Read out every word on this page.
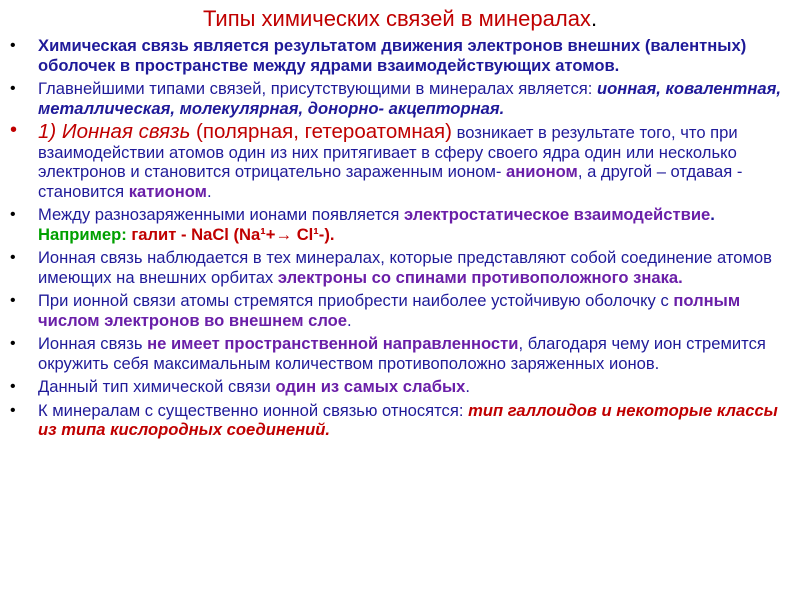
Типы химических связей в минералах.
• Химическая связь является результатом движения электронов внешних (валентных) оболочек в пространстве между ядрами взаимодействующих атомов.
• Главнейшими типами связей, присутствующими в минералах является: ионная, ковалентная, металлическая, молекулярная, донорно- акцепторная.
• 1) Ионная связь (полярная, гетероатомная) возникает в результате того, что при взаимодействии атомов один из них притягивает в сферу своего ядра один или несколько электронов и становится отрицательно зараженным ионом- анионом, а другой – отдавая - становится катионом.
• Между разнозаряженными ионами появляется электростатическое взаимодействие. Например: галит - NaCl (Na¹+→ Cl¹-).
• Ионная связь наблюдается в тех минералах, которые представляют собой соединение атомов имеющих на внешних орбитах электроны со спинами противоположного знака.
• При ионной связи атомы стремятся приобрести наиболее устойчивую оболочку с полным числом электронов во внешнем слое.
• Ионная связь не имеет пространственной направленности, благодаря чему ион стремится окружить себя максимальным количеством противоположно заряженных ионов.
• Данный тип химической связи один из самых слабых.
• К минералам с существенно ионной связью относятся: тип галлоидов и некоторые классы из типа кислородных соединений.
